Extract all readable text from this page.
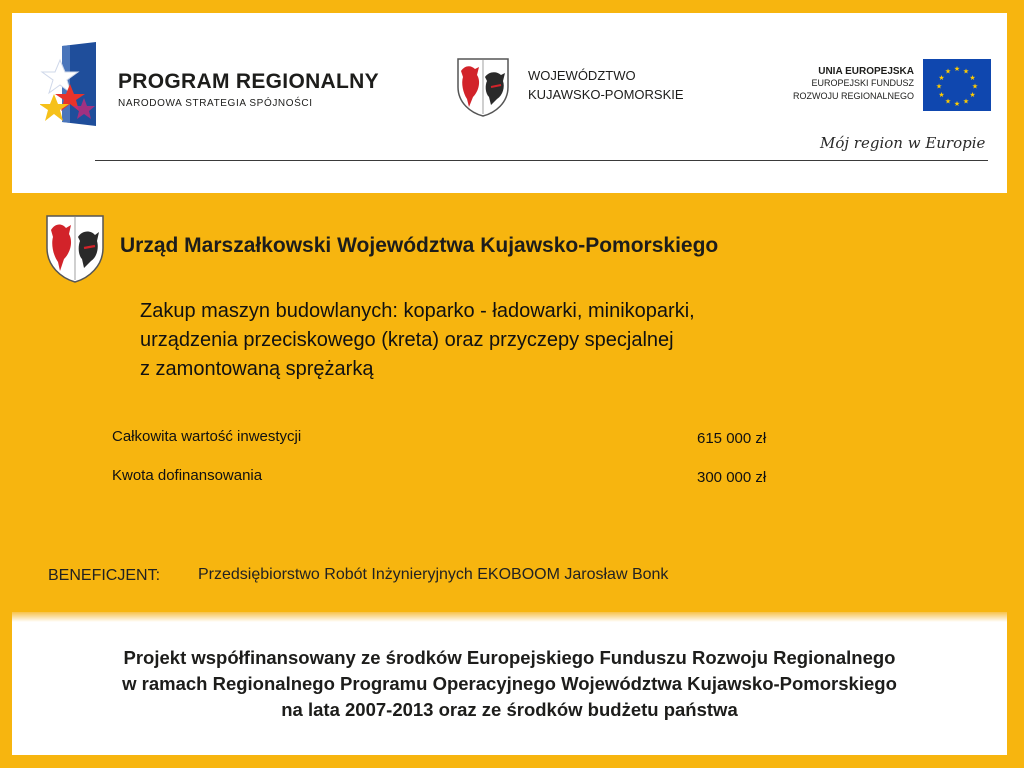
PROGRAM REGIONALNY
NARODOWA STRATEGIA SPÓJNOŚCI
WOJEWÓDZTWO
KUJAWSKO-POMORSKIE
UNIA EUROPEJSKA
EUROPEJSKI FUNDUSZ
ROZWOJU REGIONALNEGO
★ ★
★
★
★
★
★
★
★
★
★
★
Mój region w Europie
Urząd Marszałkowski Województwa Kujawsko-Pomorskiego
Zakup maszyn budowlanych: koparko - ładowarki, minikoparki,
urządzenia przeciskowego (kreta) oraz przyczepy specjalnej
z zamontowaną sprężarką
Całkowita wartość inwestycji	615 000 zł
Kwota dofinansowania	300 000 zł
BENEFICJENT: Przedsiębiorstwo Robót Inżynieryjnych EKOBOOM Jarosław Bonk
Projekt współfinansowany ze środków Europejskiego Funduszu Rozwoju Regionalnego
w ramach Regionalnego Programu Operacyjnego Województwa Kujawsko-Pomorskiego
na lata 2007-2013 oraz ze środków budżetu państwa
